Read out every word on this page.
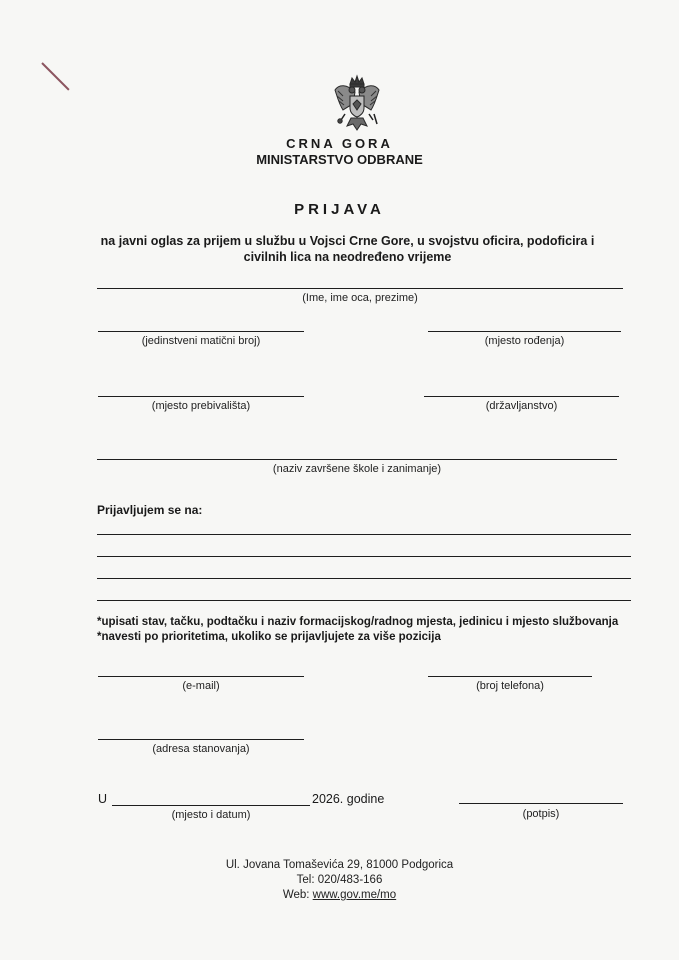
CRNA GORA
MINISTARSTVO ODBRANE
PRIJAVA
na javni oglas za prijem u službu u Vojsci Crne Gore, u svojstvu oficira, podoficira i
civilnih lica na neodređeno vrijeme
(Ime, ime oca, prezime)
(jedinstveni matični broj)	(mjesto rođenja)
(mjesto prebivališta)	(državljanstvo)
(naziv završene škole i zanimanje)
Prijavljujem se na:
*upisati stav, tačku, podtačku i naziv formacijskog/radnog mjesta, jedinicu i mjesto službovanja
*navesti po prioritetima, ukoliko se prijavljujete za više pozicija
(e-mail)	(broj telefona)
(adresa stanovanja)
U	2026. godine
(mjesto i datum)	(potpis)
Ul. Jovana Tomaševića 29, 81000 Podgorica
Tel: 020/483-166
Web: www.gov.me/mo
